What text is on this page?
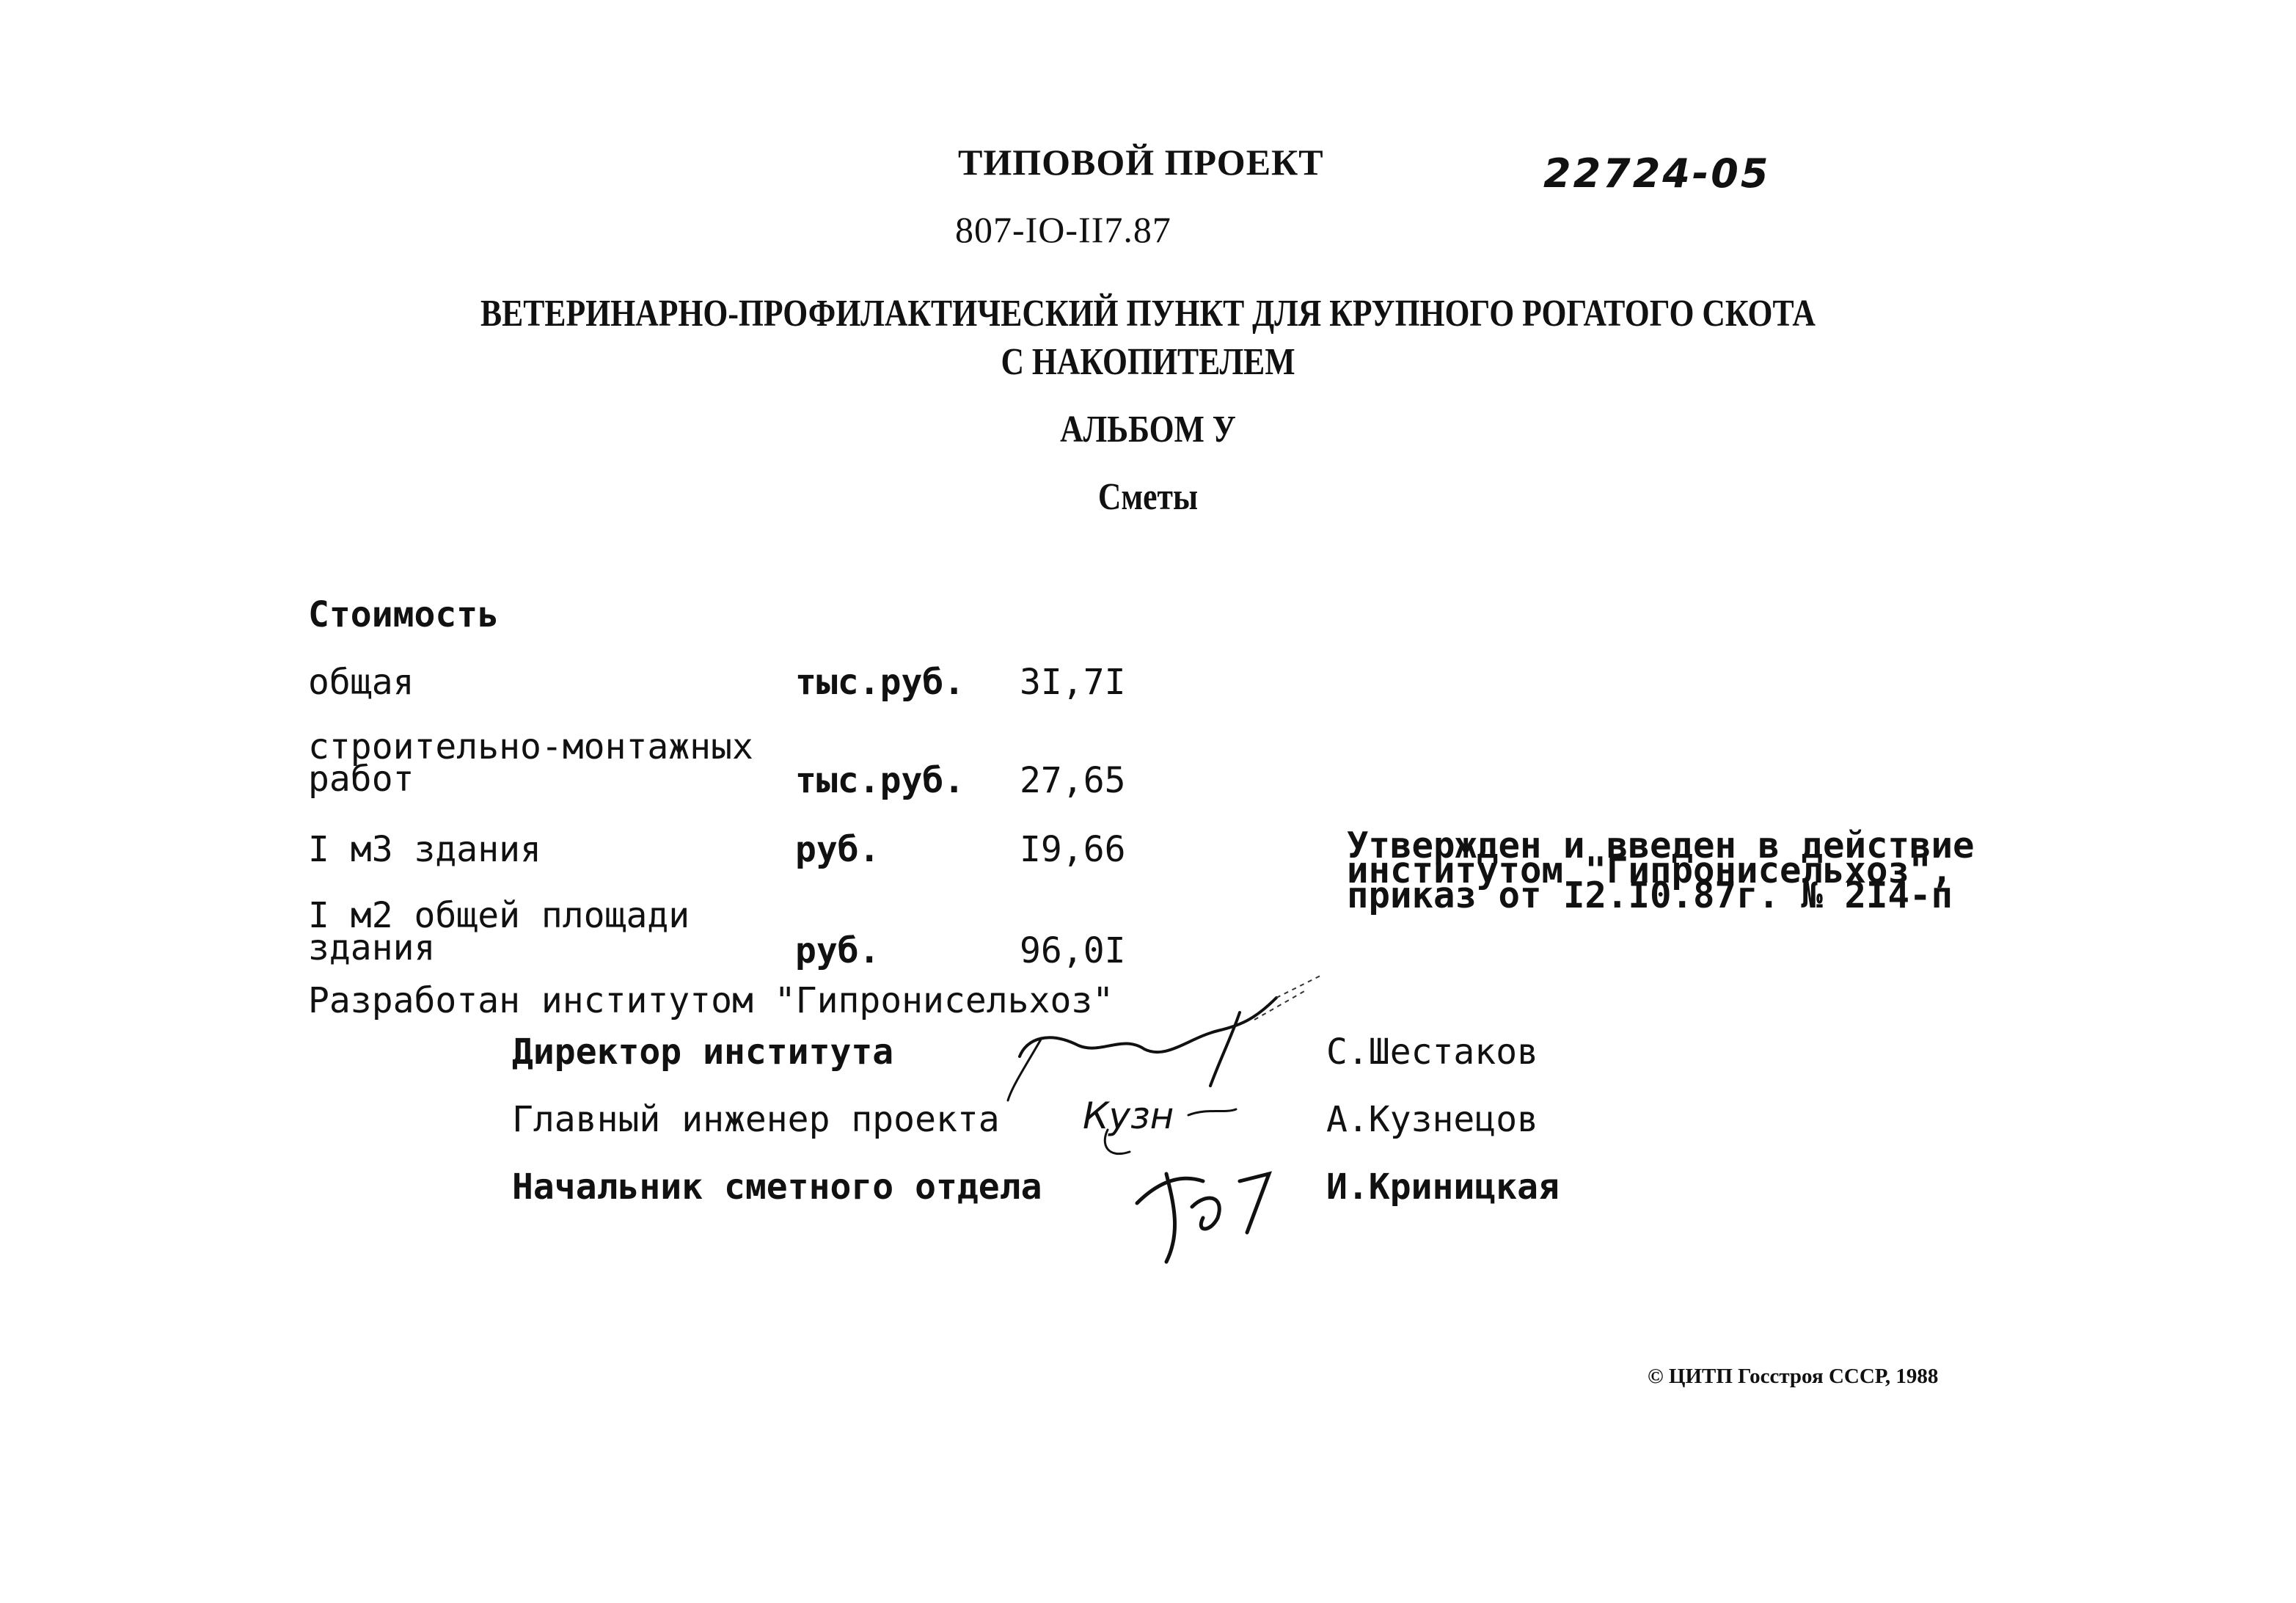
ТИПОВОЙ ПРОЕКТ	22724-05
807-IO-II7.87
ВЕТЕРИНАРНО-ПРОФИЛАКТИЧЕСКИЙ ПУНКТ ДЛЯ КРУПНОГО РОГАТОГО СКОТА
С НАКОПИТЕЛЕМ
АЛЬБОМ У
Сметы
Стоимость
общая	тыс.руб. 3I,7I
строительно-монтажных
работ	тыс.руб. 27,65
I м3 здания	руб.	I9,66
I м2 общей площади
здания	руб.	96,0I
Утвержден и введен в действие
институтом "Гипронисельхоз",
приказ от I2.I0.87г. № 2I4-п
Разработан институтом "Гипронисельхоз"
Директор института	С.Шестаков
Главный инженер проекта	А.Кузнецов
Начальник сметного отдела	И.Криницкая
Кузн
© ЦИТП Госстроя СССР, 1988
